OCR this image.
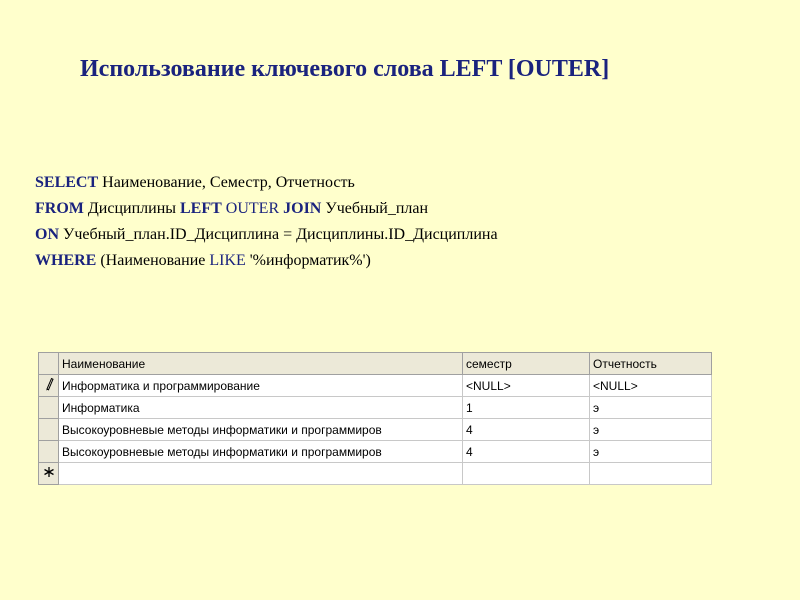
Использование ключевого слова LEFT [OUTER]
SELECT Наименование, Семестр, Отчетность
FROM Дисциплины LEFT OUTER JOIN Учебный_план
ON Учебный_план.ID_Дисциплина = Дисциплины.ID_Дисциплина
WHERE (Наименование LIKE '%информатик%')
	Наименование	семестр	Отчетность
	Информатика и программирование	<NULL>	<NULL>
	Информатика	1	э
	Высокоуровневые методы информатики и программиров	4	э
	Высокоуровневые методы информатики и программиров	4	э
